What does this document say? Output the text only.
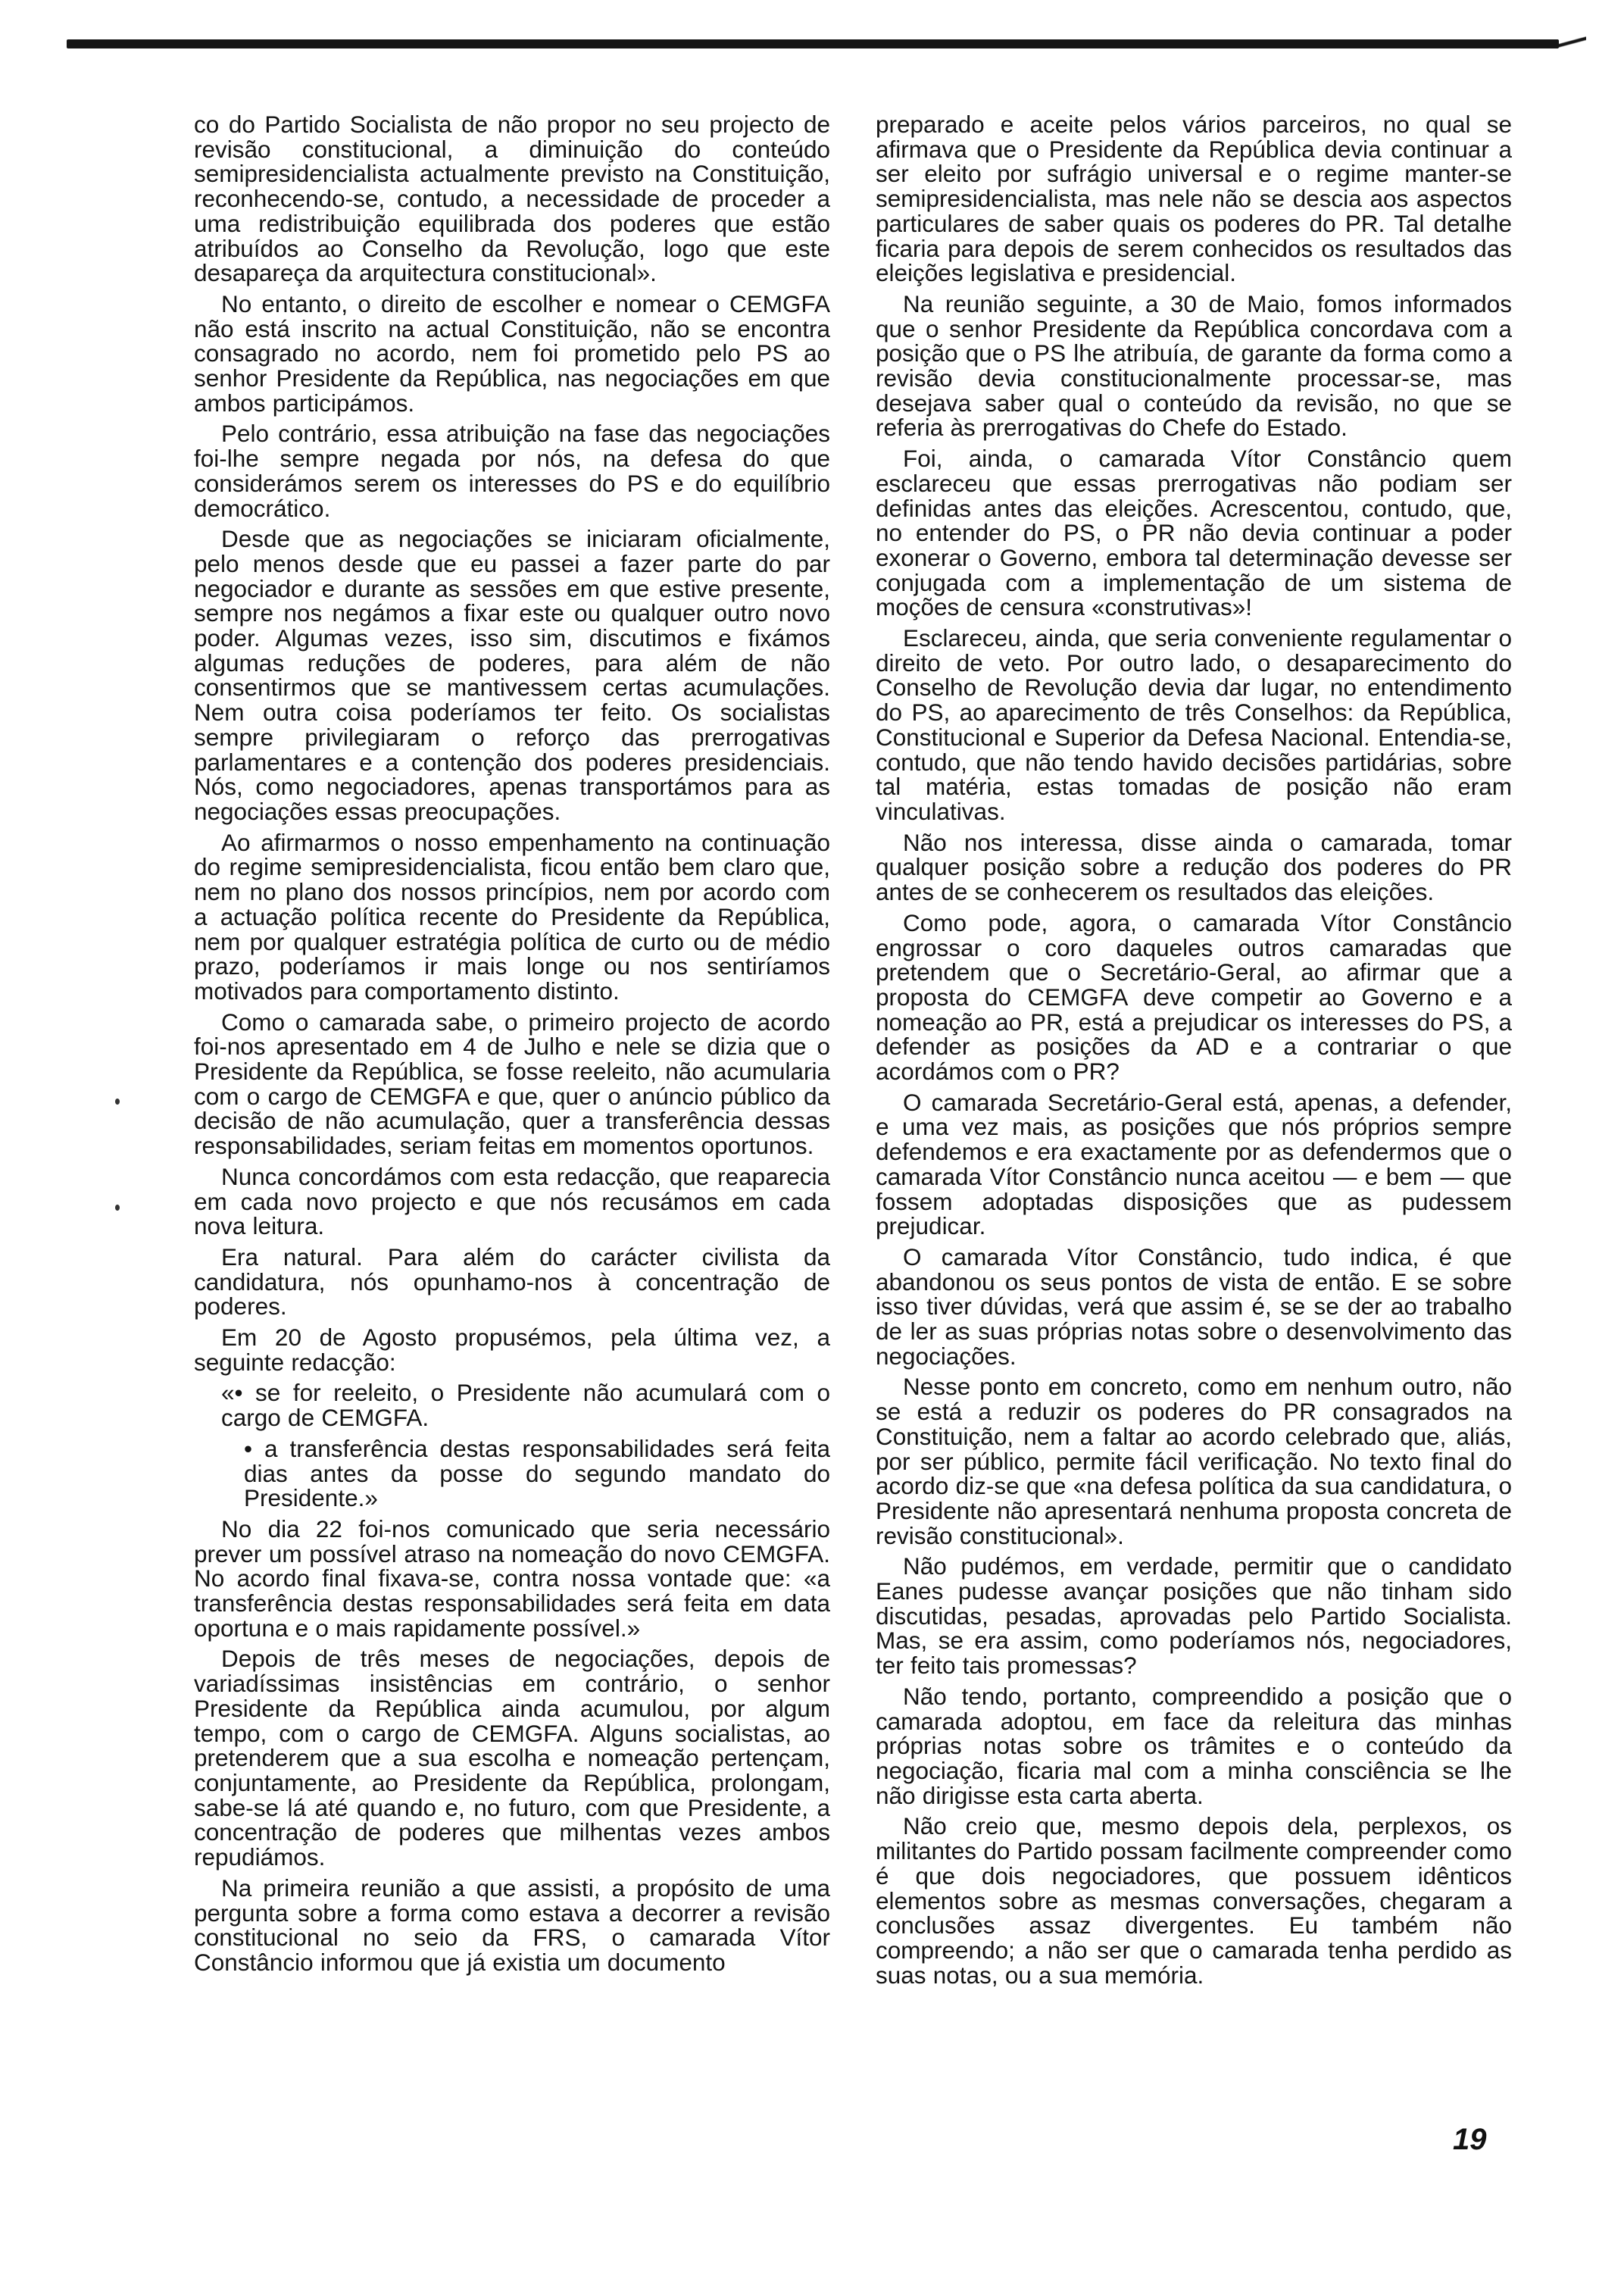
co do Partido Socialista de não propor no seu projecto de revisão constitucional, a diminuição do conteúdo semipresidencialista actualmente previsto na Constituição, reconhecendo-se, contudo, a necessidade de proceder a uma redistribuição equilibrada dos poderes que estão atribuídos ao Conselho da Revolução, logo que este desapareça da arquitectura constitucional».

No entanto, o direito de escolher e nomear o CEMGFA não está inscrito na actual Constituição, não se encontra consagrado no acordo, nem foi prometido pelo PS ao senhor Presidente da República, nas negociações em que ambos participámos.

Pelo contrário, essa atribuição na fase das negociações foi-lhe sempre negada por nós, na defesa do que considerámos serem os interesses do PS e do equilíbrio democrático.

Desde que as negociações se iniciaram oficialmente, pelo menos desde que eu passei a fazer parte do par negociador e durante as sessões em que estive presente, sempre nos negámos a fixar este ou qualquer outro novo poder. Algumas vezes, isso sim, discutimos e fixámos algumas reduções de poderes, para além de não consentirmos que se mantivessem certas acumulações. Nem outra coisa poderíamos ter feito. Os socialistas sempre privilegiaram o reforço das prerrogativas parlamentares e a contenção dos poderes presidenciais. Nós, como negociadores, apenas transportámos para as negociações essas preocupações.

Ao afirmarmos o nosso empenhamento na continuação do regime semipresidencialista, ficou então bem claro que, nem no plano dos nossos princípios, nem por acordo com a actuação política recente do Presidente da República, nem por qualquer estratégia política de curto ou de médio prazo, poderíamos ir mais longe ou nos sentiríamos motivados para comportamento distinto.

Como o camarada sabe, o primeiro projecto de acordo foi-nos apresentado em 4 de Julho e nele se dizia que o Presidente da República, se fosse reeleito, não acumularia com o cargo de CEMGFA e que, quer o anúncio público da decisão de não acumulação, quer a transferência dessas responsabilidades, seriam feitas em momentos oportunos.

Nunca concordámos com esta redacção, que reaparecia em cada novo projecto e que nós recusámos em cada nova leitura.

Era natural. Para além do carácter civilista da candidatura, nós opunhamo-nos à concentração de poderes.

Em 20 de Agosto propusémos, pela última vez, a seguinte redacção:

«• se for reeleito, o Presidente não acumulará com o cargo de CEMGFA.

• a transferência destas responsabilidades será feita dias antes da posse do segundo mandato do Presidente.»

No dia 22 foi-nos comunicado que seria necessário prever um possível atraso na nomeação do novo CEMGFA. No acordo final fixava-se, contra nossa vontade que: «a transferência destas responsabilidades será feita em data oportuna e o mais rapidamente possível.»

Depois de três meses de negociações, depois de variadíssimas insistências em contrário, o senhor Presidente da República ainda acumulou, por algum tempo, com o cargo de CEMGFA. Alguns socialistas, ao pretenderem que a sua escolha e nomeação pertençam, conjuntamente, ao Presidente da República, prolongam, sabe-se lá até quando e, no futuro, com que Presidente, a concentração de poderes que milhentas vezes ambos repudiámos.

Na primeira reunião a que assisti, a propósito de uma pergunta sobre a forma como estava a decorrer a revisão constitucional no seio da FRS, o camarada Vítor Constâncio informou que já existia um documento

preparado e aceite pelos vários parceiros, no qual se afirmava que o Presidente da República devia continuar a ser eleito por sufrágio universal e o regime manter-se semipresidencialista, mas nele não se descia aos aspectos particulares de saber quais os poderes do PR. Tal detalhe ficaria para depois de serem conhecidos os resultados das eleições legislativa e presidencial.

Na reunião seguinte, a 30 de Maio, fomos informados que o senhor Presidente da República concordava com a posição que o PS lhe atribuía, de garante da forma como a revisão devia constitucionalmente processar-se, mas desejava saber qual o conteúdo da revisão, no que se referia às prerrogativas do Chefe do Estado.

Foi, ainda, o camarada Vítor Constâncio quem esclareceu que essas prerrogativas não podiam ser definidas antes das eleições. Acrescentou, contudo, que, no entender do PS, o PR não devia continuar a poder exonerar o Governo, embora tal determinação devesse ser conjugada com a implementação de um sistema de moções de censura «construtivas»!

Esclareceu, ainda, que seria conveniente regulamentar o direito de veto. Por outro lado, o desaparecimento do Conselho de Revolução devia dar lugar, no entendimento do PS, ao aparecimento de três Conselhos: da República, Constitucional e Superior da Defesa Nacional. Entendia-se, contudo, que não tendo havido decisões partidárias, sobre tal matéria, estas tomadas de posição não eram vinculativas.

Não nos interessa, disse ainda o camarada, tomar qualquer posição sobre a redução dos poderes do PR antes de se conhecerem os resultados das eleições.

Como pode, agora, o camarada Vítor Constâncio engrossar o coro daqueles outros camaradas que pretendem que o Secretário-Geral, ao afirmar que a proposta do CEMGFA deve competir ao Governo e a nomeação ao PR, está a prejudicar os interesses do PS, a defender as posições da AD e a contrariar o que acordámos com o PR?

O camarada Secretário-Geral está, apenas, a defender, e uma vez mais, as posições que nós próprios sempre defendemos e era exactamente por as defendermos que o camarada Vítor Constâncio nunca aceitou — e bem — que fossem adoptadas disposições que as pudessem prejudicar.

O camarada Vítor Constâncio, tudo indica, é que abandonou os seus pontos de vista de então. E se sobre isso tiver dúvidas, verá que assim é, se se der ao trabalho de ler as suas próprias notas sobre o desenvolvimento das negociações.

Nesse ponto em concreto, como em nenhum outro, não se está a reduzir os poderes do PR consagrados na Constituição, nem a faltar ao acordo celebrado que, aliás, por ser público, permite fácil verificação. No texto final do acordo diz-se que «na defesa política da sua candidatura, o Presidente não apresentará nenhuma proposta concreta de revisão constitucional».

Não pudémos, em verdade, permitir que o candidato Eanes pudesse avançar posições que não tinham sido discutidas, pesadas, aprovadas pelo Partido Socialista. Mas, se era assim, como poderíamos nós, negociadores, ter feito tais promessas?

Não tendo, portanto, compreendido a posição que o camarada adoptou, em face da releitura das minhas próprias notas sobre os trâmites e o conteúdo da negociação, ficaria mal com a minha consciência se lhe não dirigisse esta carta aberta.

Não creio que, mesmo depois dela, perplexos, os militantes do Partido possam facilmente compreender como é que dois negociadores, que possuem idênticos elementos sobre as mesmas conversações, chegaram a conclusões assaz divergentes. Eu também não compreendo; a não ser que o camarada tenha perdido as suas notas, ou a sua memória.

19
